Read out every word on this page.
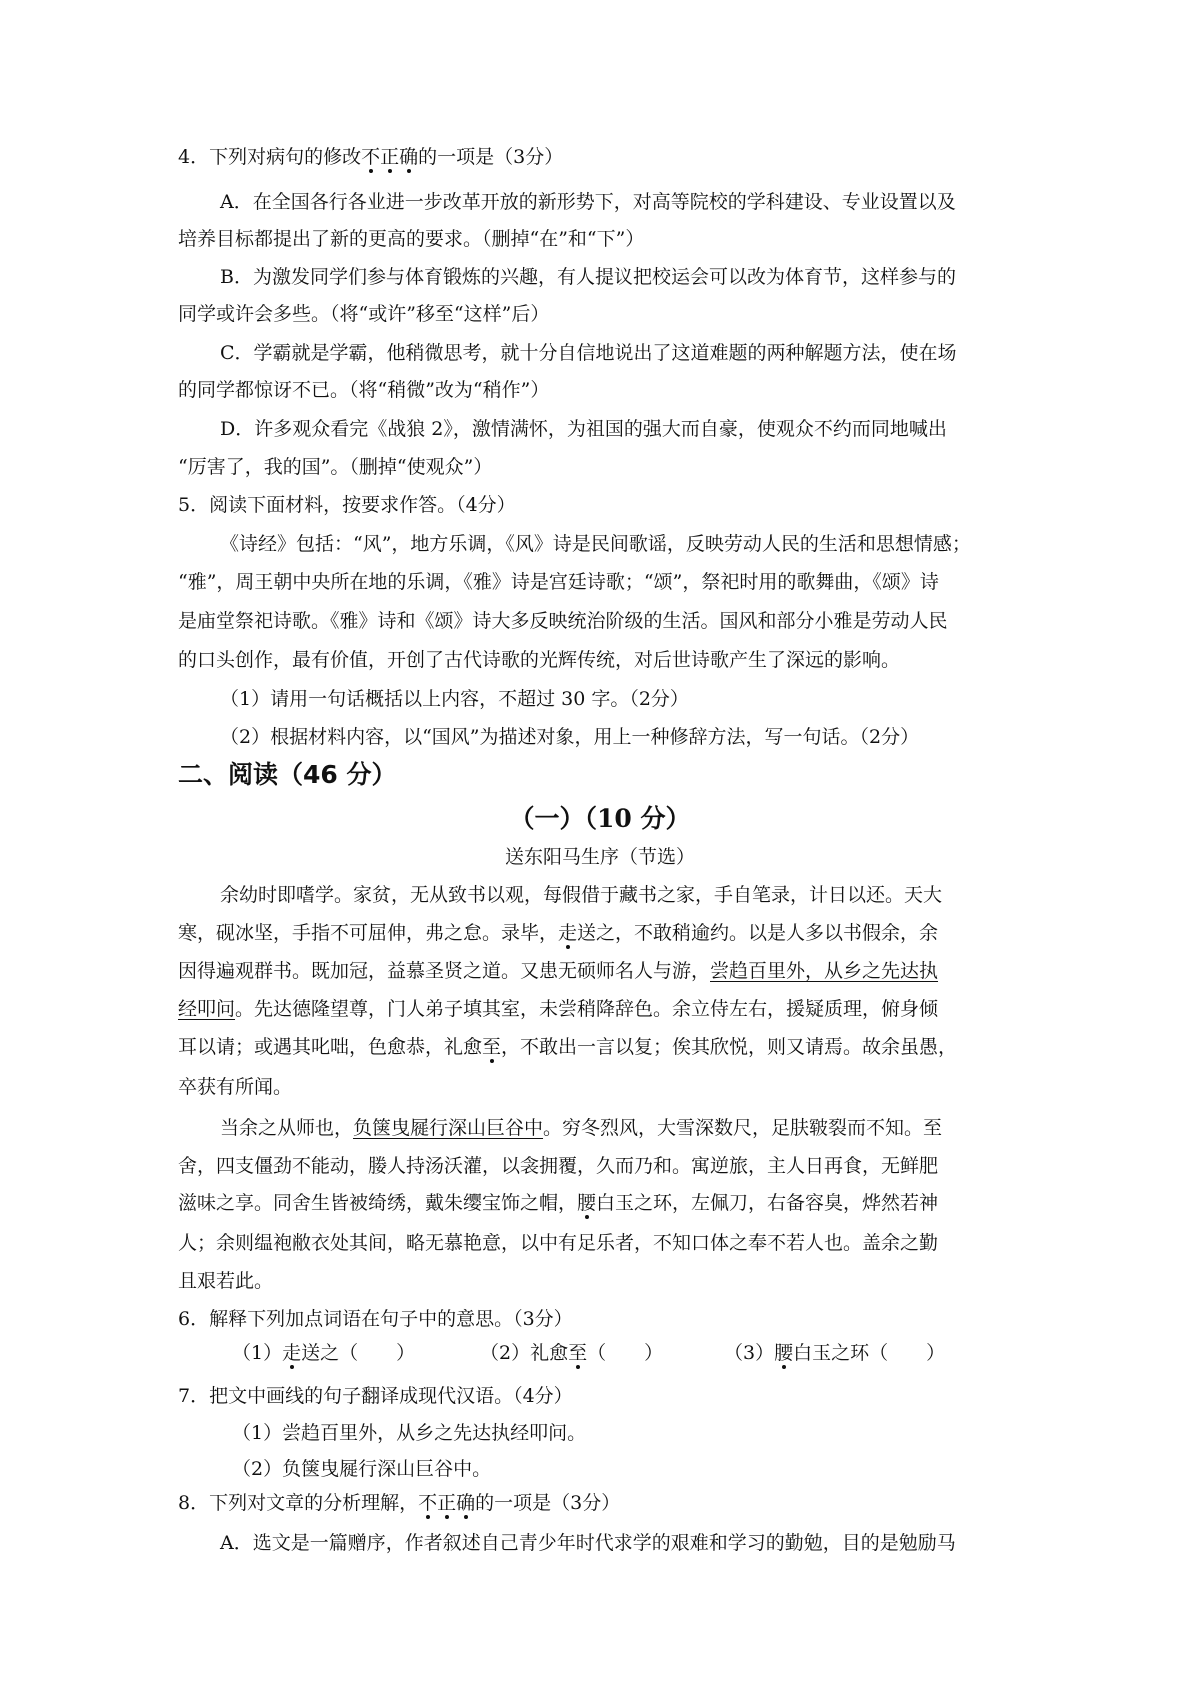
4．下列对病句的修改不正确的一项是（3分）
A．在全国各行各业进一步改革开放的新形势下，对高等院校的学科建设、专业设置以及
培养目标都提出了新的更高的要求。（删掉“在”和“下”）
B．为激发同学们参与体育锻炼的兴趣，有人提议把校运会可以改为体育节，这样参与的
同学或许会多些。（将“或许”移至“这样”后）
C．学霸就是学霸，他稍微思考，就十分自信地说出了这道难题的两种解题方法，使在场
的同学都惊讶不已。（将“稍微”改为“稍作”）
D．许多观众看完《战狼 2》，激情满怀，为祖国的强大而自豪，使观众不约而同地喊出
“厉害了，我的国”。（删掉“使观众”）
5．阅读下面材料，按要求作答。（4分）
《诗经》包括：“风”，地方乐调，《风》诗是民间歌谣，反映劳动人民的生活和思想情感；
“雅”，周王朝中央所在地的乐调，《雅》诗是宫廷诗歌；“颂”，祭祀时用的歌舞曲，《颂》诗
是庙堂祭祀诗歌。《雅》诗和《颂》诗大多反映统治阶级的生活。国风和部分小雅是劳动人民
的口头创作，最有价值，开创了古代诗歌的光辉传统，对后世诗歌产生了深远的影响。
（1）请用一句话概括以上内容，不超过 30 字。（2分）
（2）根据材料内容，以“国风”为描述对象，用上一种修辞方法，写一句话。（2分）
二、阅读（46 分）
（一）（10 分）
送东阳马生序（节选）
余幼时即嗜学。家贫，无从致书以观，每假借于藏书之家，手自笔录，计日以还。天大
寒，砚冰坚，手指不可屈伸，弗之怠。录毕，走送之，不敢稍逾约。以是人多以书假余，余
因得遍观群书。既加冠，益慕圣贤之道。又患无硕师名人与游，尝趋百里外，从乡之先达执
经叩问。先达德隆望尊，门人弟子填其室，未尝稍降辞色。余立侍左右，援疑质理，俯身倾
耳以请；或遇其叱咄，色愈恭，礼愈至，不敢出一言以复；俟其欣悦，则又请焉。故余虽愚，
卒获有所闻。
当余之从师也，负箧曳屣行深山巨谷中。穷冬烈风，大雪深数尺，足肤皲裂而不知。至
舍，四支僵劲不能动，媵人持汤沃灌，以衾拥覆，久而乃和。寓逆旅，主人日再食，无鲜肥
滋味之享。同舍生皆被绮绣，戴朱缨宝饰之帽，腰白玉之环，左佩刀，右备容臭，烨然若神
人；余则缊袍敝衣处其间，略无慕艳意，以中有足乐者，不知口体之奉不若人也。盖余之勤
且艰若此。
6．解释下列加点词语在句子中的意思。（3分）
（1）走送之（　　）	（2）礼愈至（　　）	（3）腰白玉之环（　　）
7．把文中画线的句子翻译成现代汉语。（4分）
（1）尝趋百里外，从乡之先达执经叩问。
（2）负箧曳屣行深山巨谷中。
8．下列对文章的分析理解，不正确的一项是（3分）
A．选文是一篇赠序，作者叙述自己青少年时代求学的艰难和学习的勤勉，目的是勉励马
